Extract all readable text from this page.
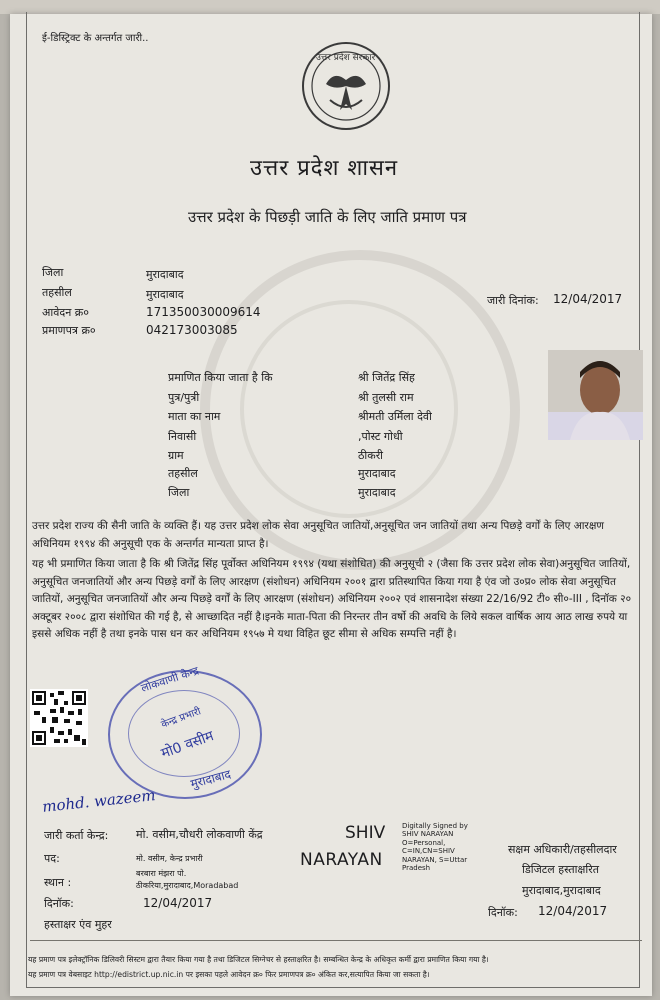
ई-डिस्ट्रिक्ट के अन्तर्गत जारी..
उत्तर प्रदेश सरकार
उत्तर प्रदेश शासन
उत्तर प्रदेश के पिछड़ी जाति के लिए जाति प्रमाण पत्र
जिला	मुरादाबाद
तहसील	मुरादाबाद
आवेदन क्र०	171350030009614
प्रमाणपत्र क्र०	042173003085
जारी दिनांक: 12/04/2017
प्रमाणित किया जाता है कि	श्री जितेंद्र सिंह
पुत्र/पुत्री	श्री तुलसी राम
माता का नाम	श्रीमती उर्मिला देवी
निवासी	,पोस्ट गोधी
ग्राम	ठीकरी
तहसील	मुरादाबाद
जिला	मुरादाबाद
उत्तर प्रदेश राज्य की सैनी जाति के व्यक्ति हैं। यह उत्तर प्रदेश लोक सेवा अनुसूचित जातियों,अनुसूचित जन जातियों तथा अन्य पिछड़े वर्गों के लिए आरक्षण अधिनियम १९९४ की अनुसूची एक के अन्तर्गत मान्यता प्राप्त है।
यह भी प्रमाणित किया जाता है कि श्री जितेंद्र सिंह पूर्वोक्त अधिनियम १९९४ (यथा संशोधित) की अनुसूची २ (जैसा कि उत्तर प्रदेश लोक सेवा)अनुसूचित जातियों, अनुसूचित जनजातियों और अन्य पिछड़े वर्गों के लिए आरक्षण (संशोधन) अधिनियम २००१ द्वारा प्रतिस्थापित किया गया है एंव जो उ०प्र० लोक सेवा अनुसूचित जातियों, अनुसूचित जनजातियों और अन्य पिछड़े वर्गों के लिए आरक्षण (संशोधन) अधिनियम २००२ एवं शासनादेश संख्या 22/16/92 टी० सी०-III , दिनॉक २० अक्टूबर २००८ द्वारा संशोधित की गई है, से आच्छादित नहीं है।इनके माता-पिता की निरन्तर तीन वर्षो की अवधि के लिये सकल वार्षिक आय आठ लाख रुपये या इससे अधिक नहीं है तथा इनके पास धन कर अधिनियम १९५७ मे यथा विहित छूट सीमा से अधिक सम्पत्ति नहीं है।
लोकवाणी केन्द्र
केन्द्र प्रभारी
मो0 वसीम
मुरादाबाद
mohd. wazeem
जारी कर्ता केन्द्र:	मो. वसीम,चौधरी लोकवाणी केंद्र
पद:	मो. वसीम, केन्द्र प्रभारी
स्थान :
बरबारा मंझरा पो.
ठीकरिया,मुरादाबाद,Moradabad
दिनॉक:	12/04/2017
हस्ताक्षर एंव मुहर
SHIV
NARAYAN
Digitally Signed by
SHIV NARAYAN
O=Personal,
C=IN,CN=SHIV
NARAYAN, S=Uttar
Pradesh
सक्षम अधिकारी/तहसीलदार
डिजिटल हस्ताक्षरित
मुरादाबाद,मुरादाबाद
दिनॉक: 12/04/2017
यह प्रमाण पत्र इलेक्ट्रॉनिक डिलिवरी सिस्टम द्वारा तैयार किया गया है तथा डिजिटल सिग्नेचर से हस्ताक्षरित है। सम्बन्धित केन्द्र के अधिकृत कर्मी द्वारा प्रमाणित किया गया है।
यह प्रमाण पत्र वेबसाइट http://edistrict.up.nic.in पर इसका पहले आवेदन क्र० फिर प्रमाणपत्र क्र० अंकित कर,सत्यापित किया जा सकता है।
